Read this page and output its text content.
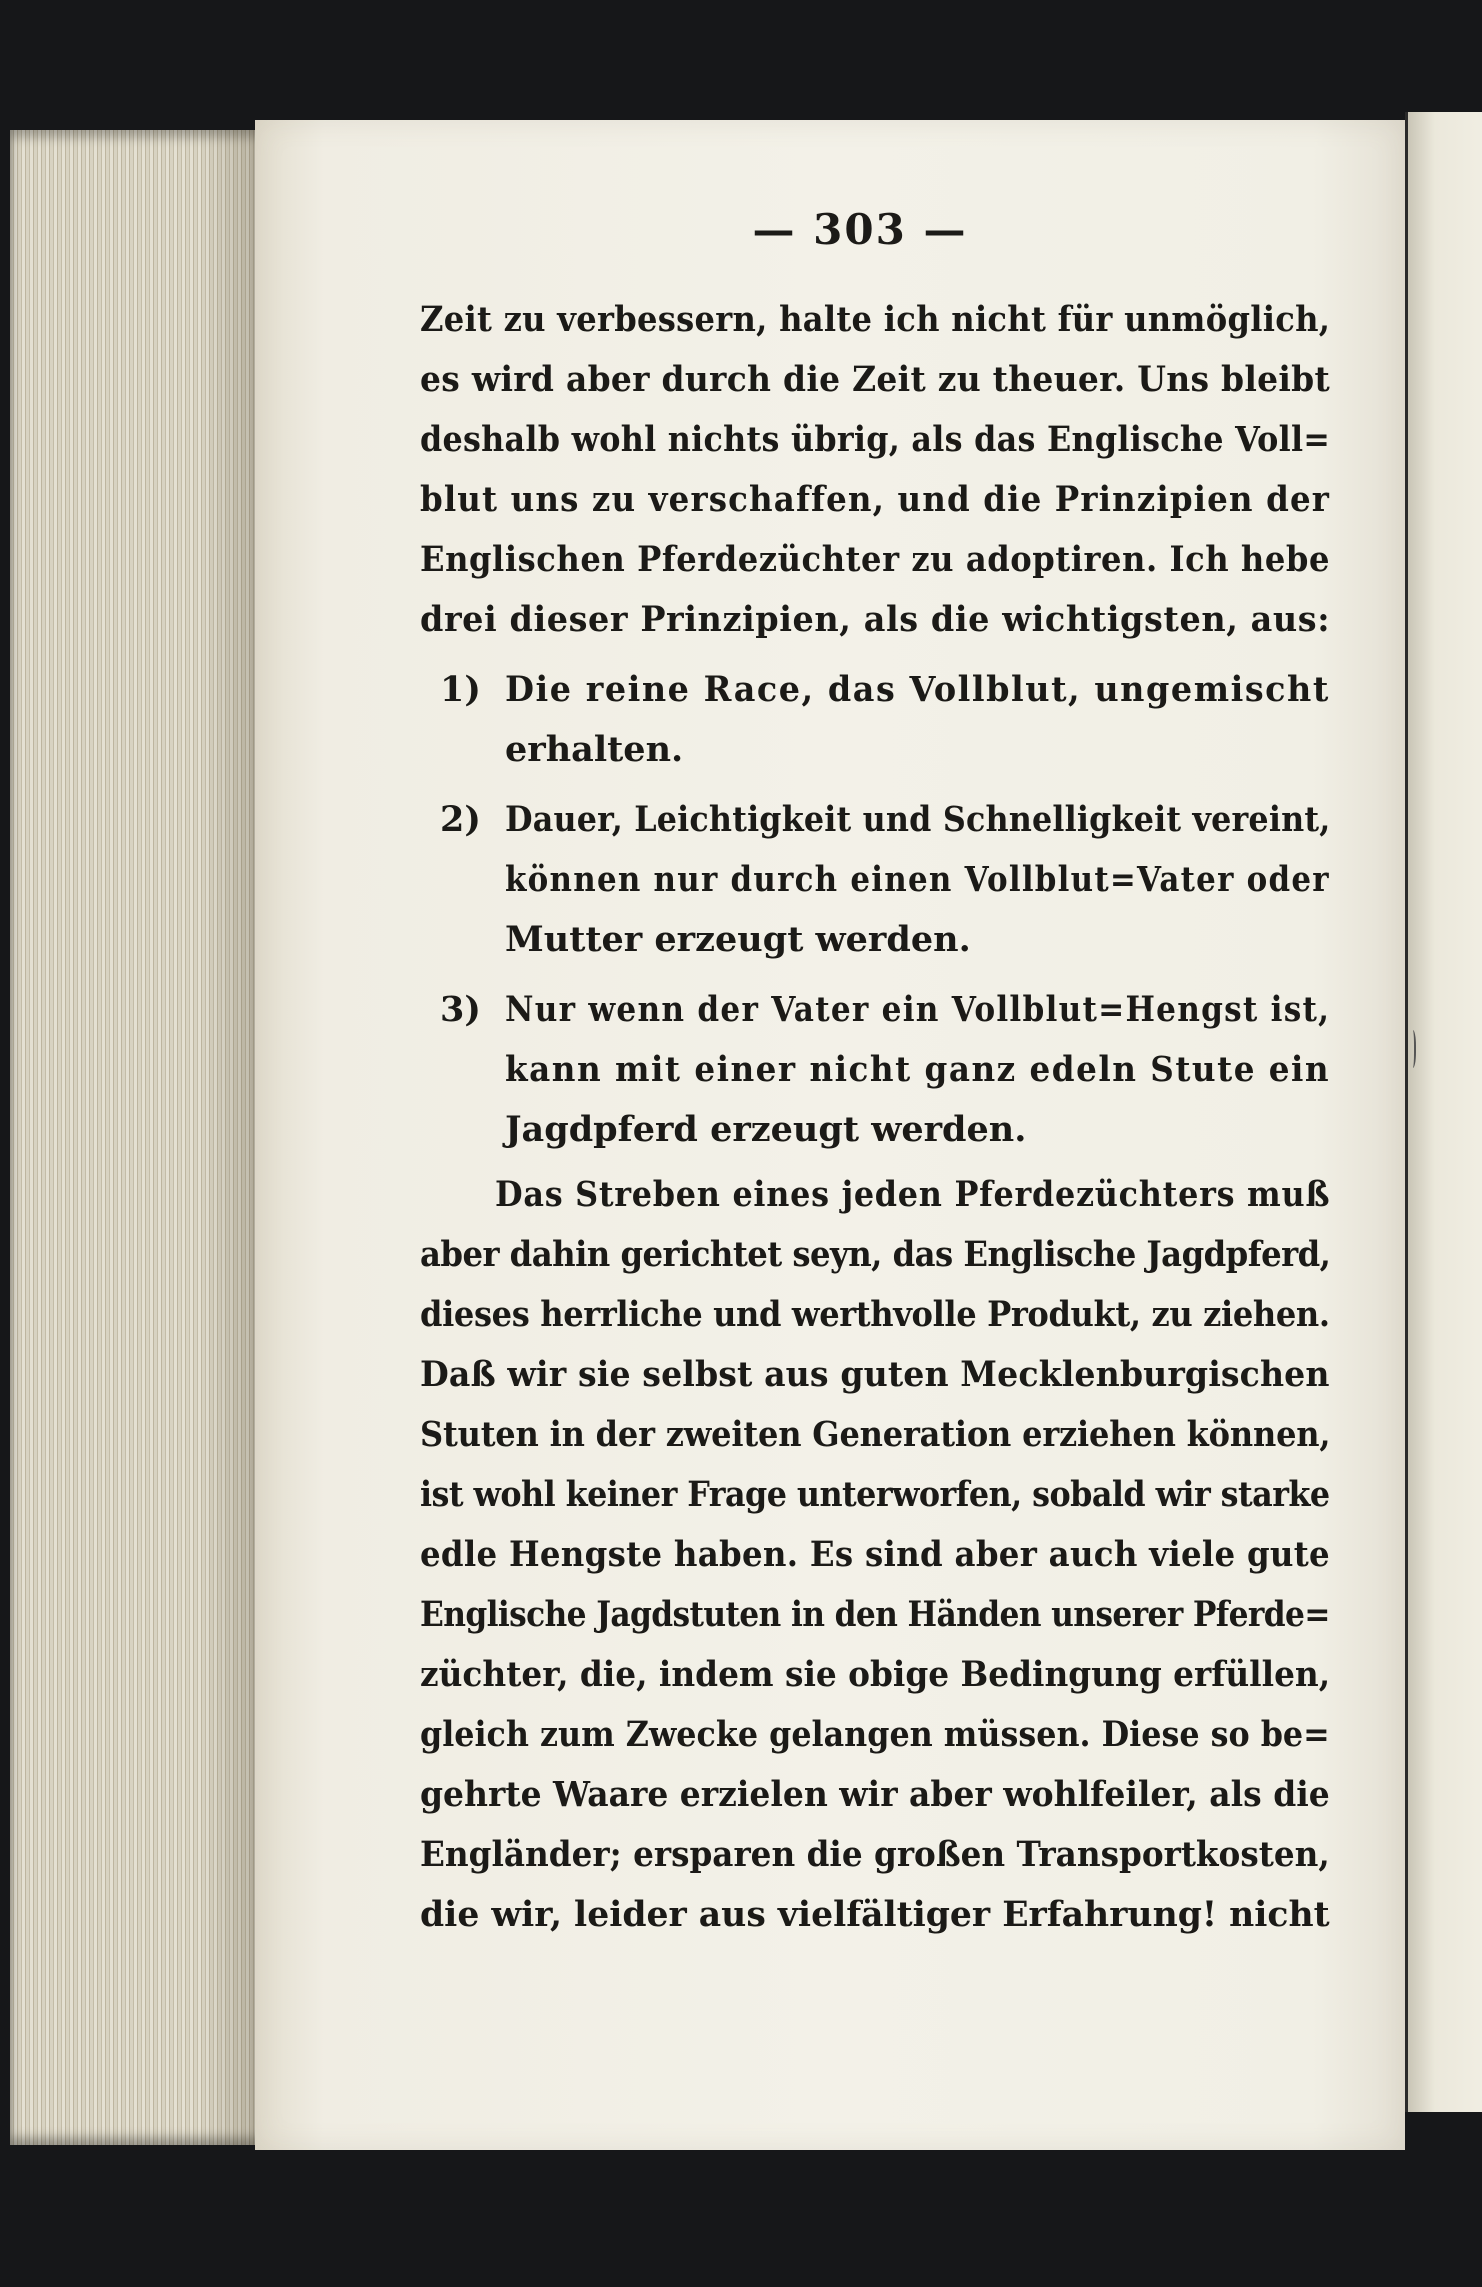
— 303 —
Zeit zu verbessern, halte ich nicht für unmöglich,
es wird aber durch die Zeit zu theuer. Uns bleibt
deshalb wohl nichts übrig, als das Englische Voll=
blut uns zu verschaffen, und die Prinzipien der
Englischen Pferdezüchter zu adoptiren. Ich hebe
drei dieser Prinzipien, als die wichtigsten, aus:
1) Die reine Race, das Vollblut, ungemischt
erhalten.
2) Dauer, Leichtigkeit und Schnelligkeit vereint,
können nur durch einen Vollblut=Vater oder
Mutter erzeugt werden.
3) Nur wenn der Vater ein Vollblut=Hengst ist,
kann mit einer nicht ganz edeln Stute ein
Jagdpferd erzeugt werden.
Das Streben eines jeden Pferdezüchters muß
aber dahin gerichtet seyn, das Englische Jagdpferd,
dieses herrliche und werthvolle Produkt, zu ziehen.
Daß wir sie selbst aus guten Mecklenburgischen
Stuten in der zweiten Generation erziehen können,
ist wohl keiner Frage unterworfen, sobald wir starke
edle Hengste haben. Es sind aber auch viele gute
Englische Jagdstuten in den Händen unserer Pferde=
züchter, die, indem sie obige Bedingung erfüllen,
gleich zum Zwecke gelangen müssen. Diese so be=
gehrte Waare erzielen wir aber wohlfeiler, als die
Engländer; ersparen die großen Transportkosten,
die wir, leider aus vielfältiger Erfahrung! nicht
